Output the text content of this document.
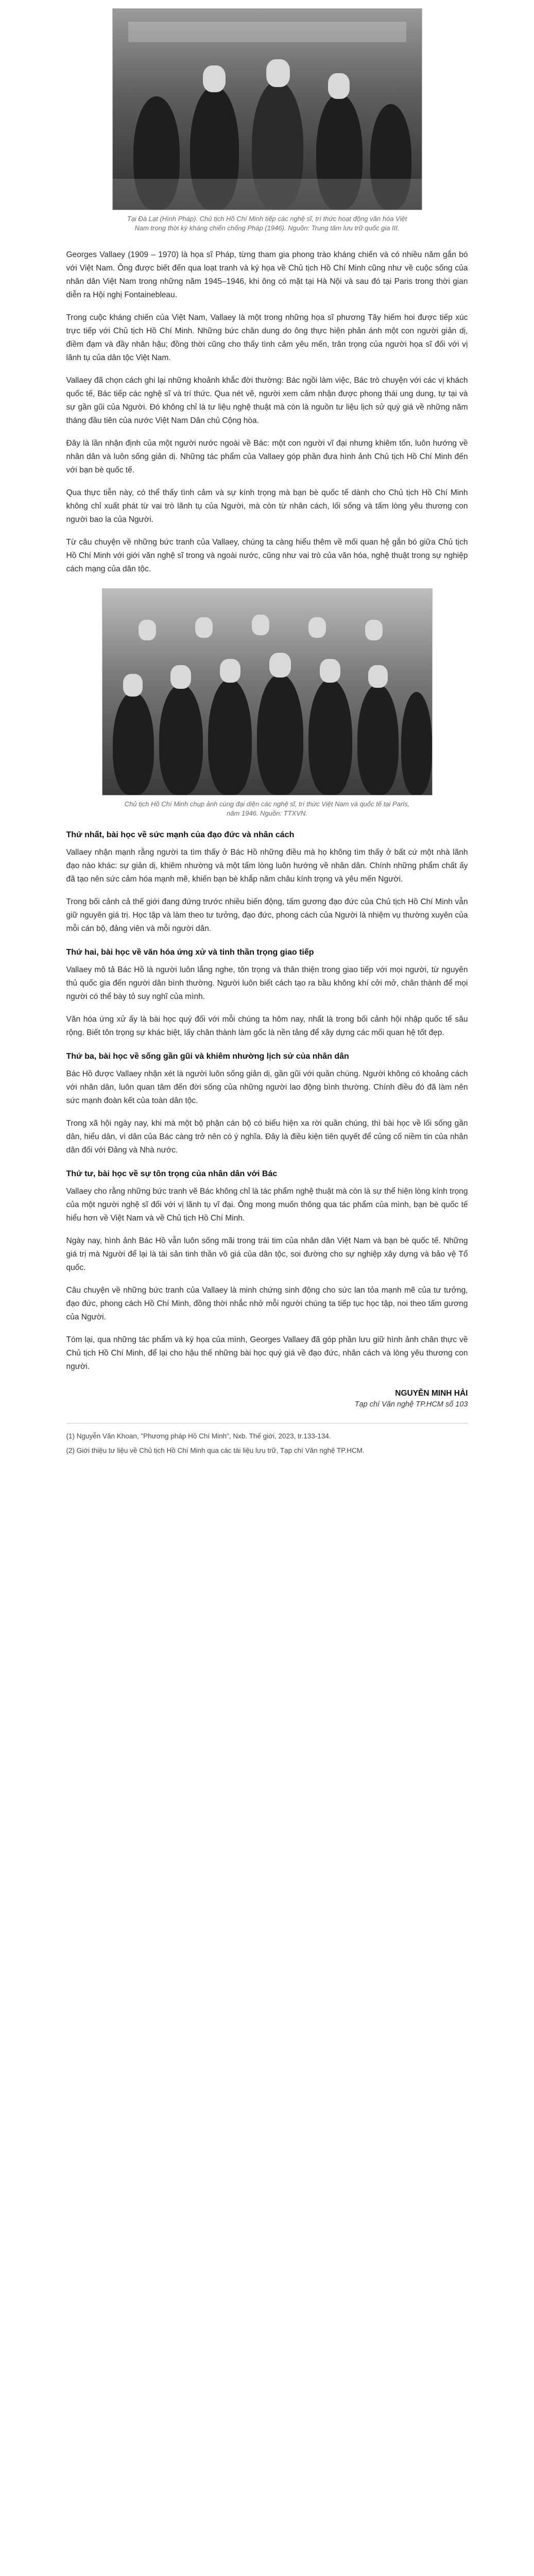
Tại Đà Lạt (Hình Pháp). Chủ tịch Hồ Chí Minh tiếp các nghệ sĩ, trí thức hoạt động văn hóa Việt Nam trong thời kỳ kháng chiến chống Pháp (1946). Nguồn: Trung tâm lưu trữ quốc gia III.

Georges Vallaey (1909 – 1970) là họa sĩ Pháp, từng tham gia phong trào kháng chiến và có nhiều năm gắn bó với Việt Nam. Ông được biết đến qua loạt tranh và ký họa về Chủ tịch Hồ Chí Minh cũng như về cuộc sống của nhân dân Việt Nam trong những năm 1945–1946, khi ông có mặt tại Hà Nội và sau đó tại Paris trong thời gian diễn ra Hội nghị Fontainebleau.

Trong cuộc kháng chiến của Việt Nam, Vallaey là một trong những họa sĩ phương Tây hiếm hoi được tiếp xúc trực tiếp với Chủ tịch Hồ Chí Minh. Những bức chân dung do ông thực hiện phản ánh một con người giản dị, điềm đạm và đầy nhân hậu; đồng thời cũng cho thấy tình cảm yêu mến, trân trọng của người họa sĩ đối với vị lãnh tụ của dân tộc Việt Nam.

Vallaey đã chọn cách ghi lại những khoảnh khắc đời thường: Bác ngồi làm việc, Bác trò chuyện với các vị khách quốc tế, Bác tiếp các nghệ sĩ và trí thức. Qua nét vẽ, người xem cảm nhận được phong thái ung dung, tự tại và sự gần gũi của Người. Đó không chỉ là tư liệu nghệ thuật mà còn là nguồn tư liệu lịch sử quý giá về những năm tháng đầu tiên của nước Việt Nam Dân chủ Cộng hòa.

Đây là lần nhận định của một người nước ngoài về Bác: một con người vĩ đại nhưng khiêm tốn, luôn hướng về nhân dân và luôn sống giản dị. Những tác phẩm của Vallaey góp phần đưa hình ảnh Chủ tịch Hồ Chí Minh đến với bạn bè quốc tế.

Qua thực tiễn này, có thể thấy tình cảm và sự kính trọng mà bạn bè quốc tế dành cho Chủ tịch Hồ Chí Minh không chỉ xuất phát từ vai trò lãnh tụ của Người, mà còn từ nhân cách, lối sống và tấm lòng yêu thương con người bao la của Người.

Từ câu chuyện về những bức tranh của Vallaey, chúng ta càng hiểu thêm về mối quan hệ gắn bó giữa Chủ tịch Hồ Chí Minh với giới văn nghệ sĩ trong và ngoài nước, cũng như vai trò của văn hóa, nghệ thuật trong sự nghiệp cách mạng của dân tộc.

Chủ tịch Hồ Chí Minh chụp ảnh cùng đại diện các nghệ sĩ, trí thức Việt Nam và quốc tế tại Paris, năm 1946. Nguồn: TTXVN.
Thứ nhất, bài học về sức mạnh của đạo đức và nhân cách

Vallaey nhận mạnh rằng người ta tìm thấy ở Bác Hồ những điều mà họ không tìm thấy ở bất cứ một nhà lãnh đạo nào khác: sự giản dị, khiêm nhường và một tấm lòng luôn hướng về nhân dân. Chính những phẩm chất ấy đã tạo nên sức cảm hóa mạnh mẽ, khiến bạn bè khắp năm châu kính trọng và yêu mến Người.

Trong bối cảnh cả thế giới đang đứng trước nhiều biến động, tấm gương đạo đức của Chủ tịch Hồ Chí Minh vẫn giữ nguyên giá trị. Học tập và làm theo tư tưởng, đạo đức, phong cách của Người là nhiệm vụ thường xuyên của mỗi cán bộ, đảng viên và mỗi người dân.

Thứ hai, bài học về văn hóa ứng xử và tinh thần trọng giao tiếp

Vallaey mô tả Bác Hồ là người luôn lắng nghe, tôn trọng và thân thiện trong giao tiếp với mọi người, từ nguyên thủ quốc gia đến người dân bình thường. Người luôn biết cách tạo ra bầu không khí cởi mở, chân thành để mọi người có thể bày tỏ suy nghĩ của mình.

Văn hóa ứng xử ấy là bài học quý đối với mỗi chúng ta hôm nay, nhất là trong bối cảnh hội nhập quốc tế sâu rộng. Biết tôn trọng sự khác biệt, lấy chân thành làm gốc là nền tảng để xây dựng các mối quan hệ tốt đẹp.

Thứ ba, bài học về sống gần gũi và khiêm nhường lịch sử của nhân dân

Bác Hồ được Vallaey nhận xét là người luôn sống giản dị, gần gũi với quần chúng. Người không có khoảng cách với nhân dân, luôn quan tâm đến đời sống của những người lao động bình thường. Chính điều đó đã làm nên sức mạnh đoàn kết của toàn dân tộc.

Trong xã hội ngày nay, khi mà một bộ phận cán bộ có biểu hiện xa rời quần chúng, thì bài học về lối sống gần dân, hiểu dân, vì dân của Bác càng trở nên có ý nghĩa. Đây là điều kiện tiên quyết để củng cố niềm tin của nhân dân đối với Đảng và Nhà nước.

Thứ tư, bài học về sự tôn trọng của nhân dân với Bác

Vallaey cho rằng những bức tranh vẽ Bác không chỉ là tác phẩm nghệ thuật mà còn là sự thể hiện lòng kính trọng của một người nghệ sĩ đối với vị lãnh tụ vĩ đại. Ông mong muốn thông qua tác phẩm của mình, bạn bè quốc tế hiểu hơn về Việt Nam và về Chủ tịch Hồ Chí Minh.

Ngày nay, hình ảnh Bác Hồ vẫn luôn sống mãi trong trái tim của nhân dân Việt Nam và bạn bè quốc tế. Những giá trị mà Người để lại là tài sản tinh thần vô giá của dân tộc, soi đường cho sự nghiệp xây dựng và bảo vệ Tổ quốc.

Câu chuyện về những bức tranh của Vallaey là minh chứng sinh động cho sức lan tỏa mạnh mẽ của tư tưởng, đạo đức, phong cách Hồ Chí Minh, đồng thời nhắc nhở mỗi người chúng ta tiếp tục học tập, noi theo tấm gương của Người.

Tóm lại, qua những tác phẩm và ký họa của mình, Georges Vallaey đã góp phần lưu giữ hình ảnh chân thực về Chủ tịch Hồ Chí Minh, để lại cho hậu thế những bài học quý giá về đạo đức, nhân cách và lòng yêu thương con người.

NGUYỄN MINH HẢI
Tạp chí Văn nghệ TP.HCM số 103
(1) Nguyễn Văn Khoan, "Phương pháp Hồ Chí Minh", Nxb. Thế giới, 2023, tr.133-134.
(2) Giới thiệu tư liệu về Chủ tịch Hồ Chí Minh qua các tài liệu lưu trữ, Tạp chí Văn nghệ TP.HCM.
